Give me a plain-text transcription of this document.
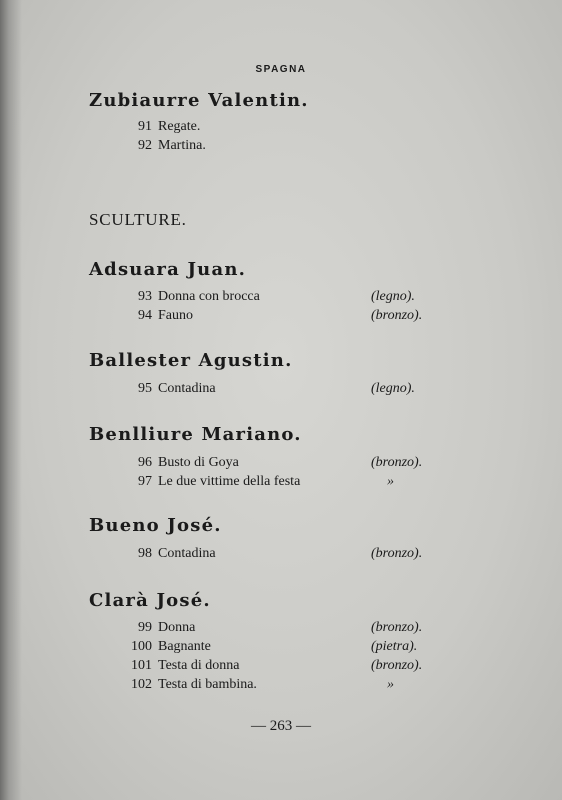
SPAGNA
Zubiaurre Valentin.
91 Regate.
92 Martina.
SCULTURE.
Adsuara Juan.
93 Donna con brocca	(legno).
94 Fauno	(bronzo).
Ballester Agustin.
95 Contadina	(legno).
Benlliure Mariano.
96 Busto di Goya	(bronzo).
97 Le due vittime della festa	»
Bueno José.
98 Contadina	(bronzo).
Clarà José.
99 Donna	(bronzo).
100 Bagnante	(pietra).
101 Testa di donna	(bronzo).
102 Testa di bambina.	»
— 263 —
